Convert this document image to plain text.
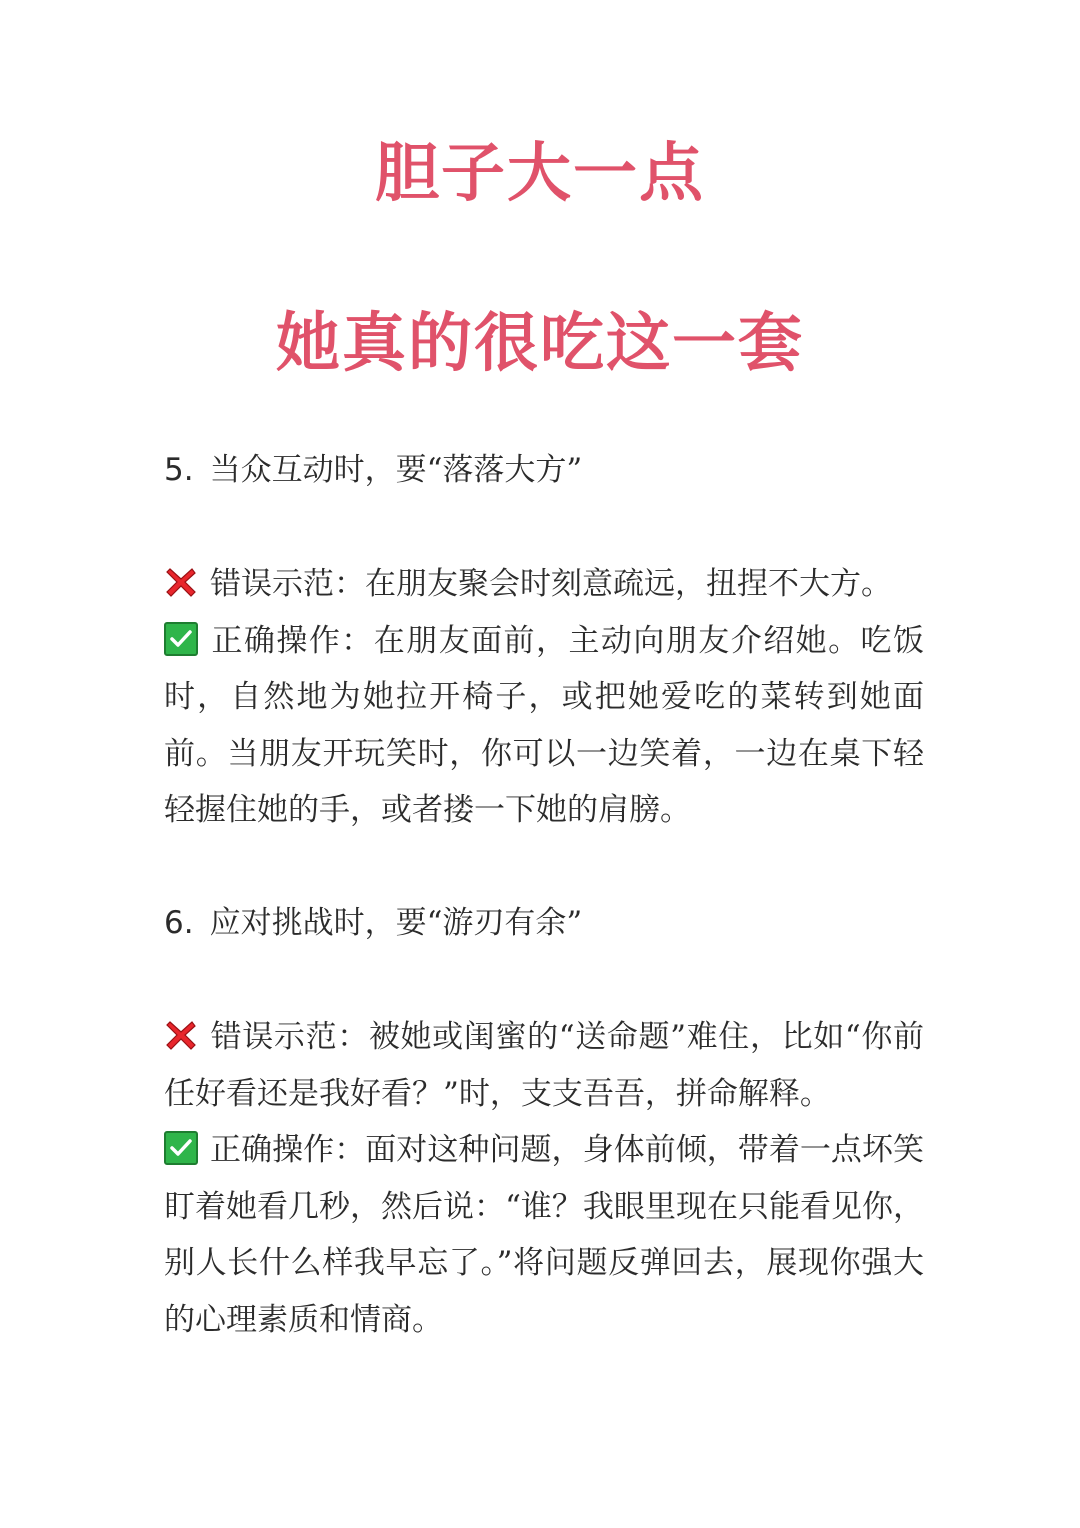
胆子大一点
她真的很吃这一套
5. 当众互动时，要“落落大方”

错误示范：在朋友聚会时刻意疏远，扭捏不大方。

正确操作：在朋友面前，主动向朋友介绍她。吃饭时，自然地为她拉开椅子，或把她爱吃的菜转到她面前。当朋友开玩笑时，你可以一边笑着，一边在桌下轻轻握住她的手，或者搂一下她的肩膀。

6. 应对挑战时，要“游刃有余”

错误示范：被她或闺蜜的“送命题”难住，比如“你前任好看还是我好看？”时，支支吾吾，拼命解释。

正确操作：面对这种问题，身体前倾，带着一点坏笑盯着她看几秒，然后说：“谁？我眼里现在只能看见你，别人长什么样我早忘了。”将问题反弹回去，展现你强大的心理素质和情商。
